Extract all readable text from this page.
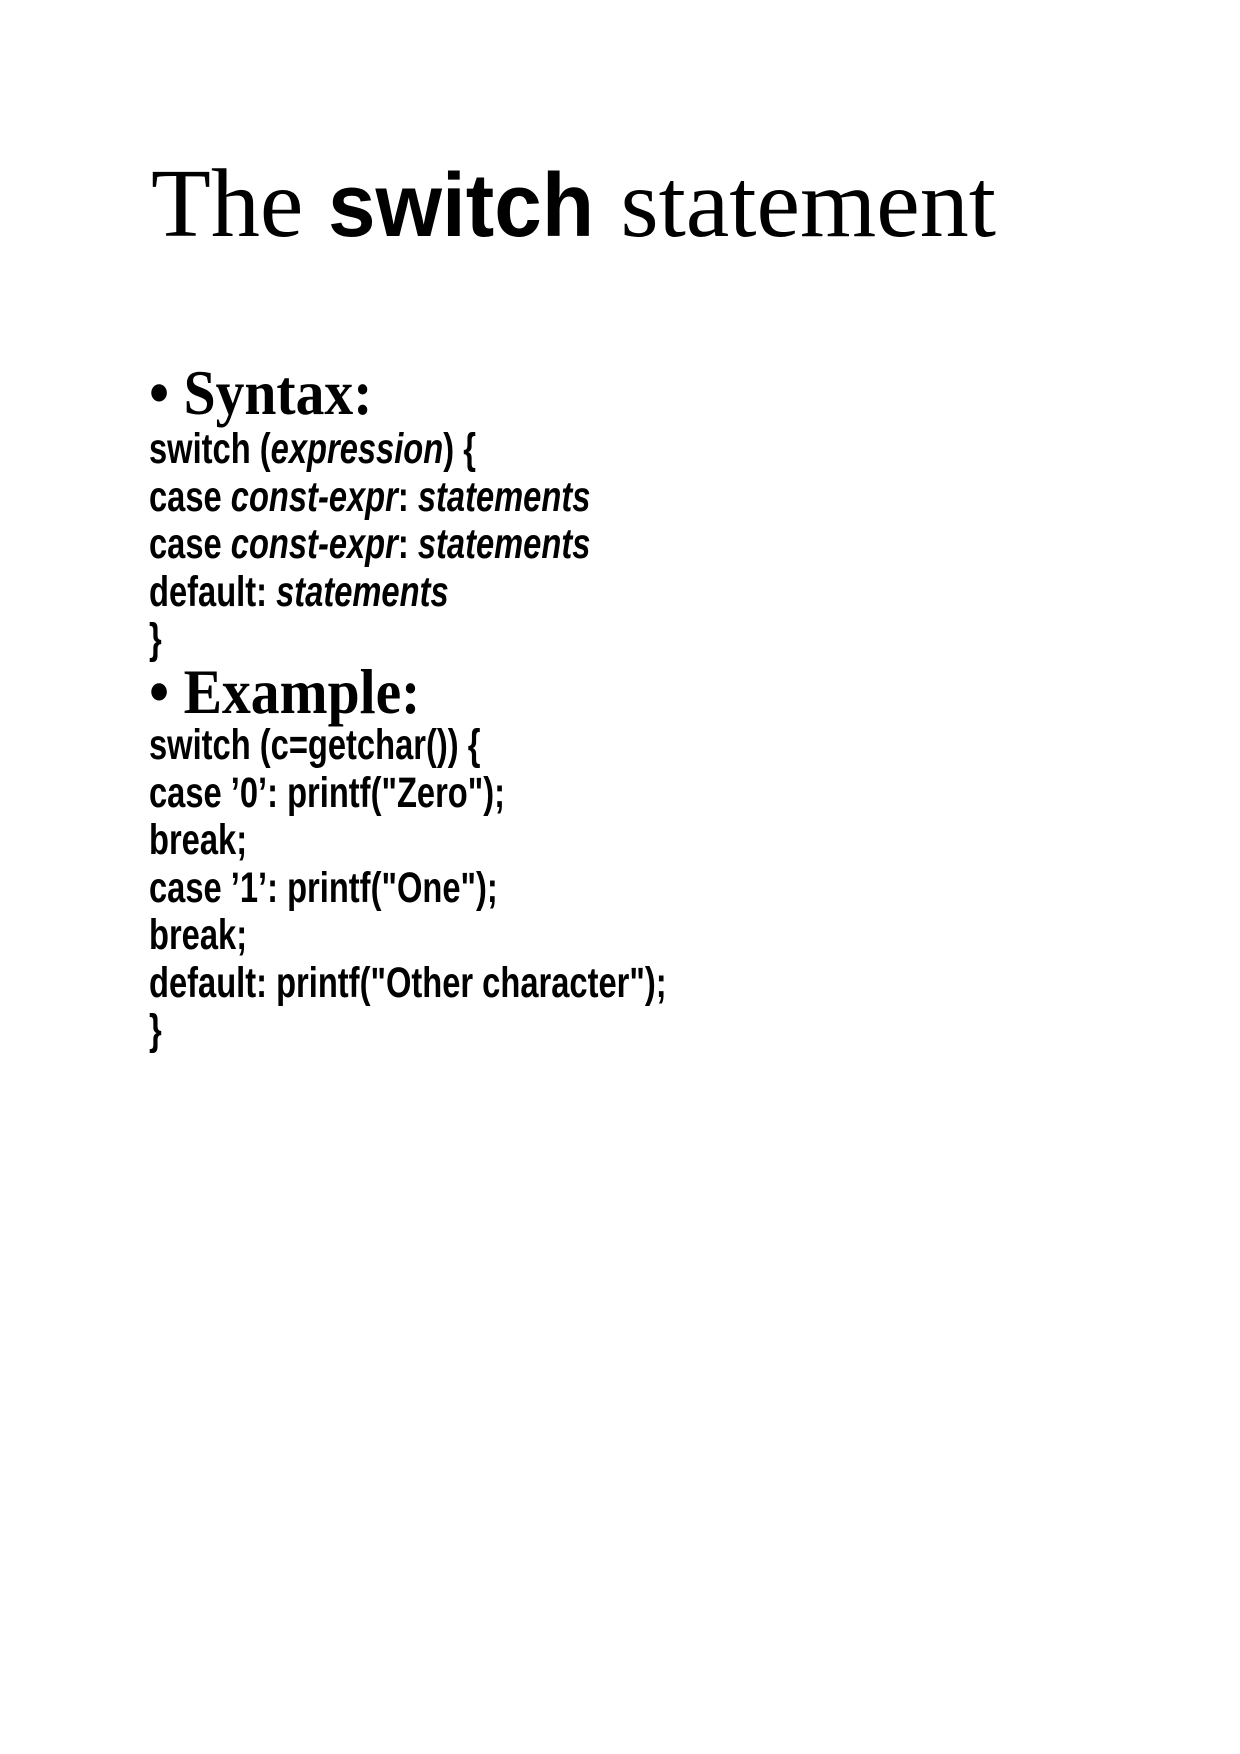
The switch statement
• Syntax:
switch (expression) {
case const-expr: statements
case const-expr: statements
default: statements
}
• Example:
switch (c=getchar()) {
case ’0’: printf("Zero");
break;
case ’1’: printf("One");
break;
default: printf("Other character");
}
